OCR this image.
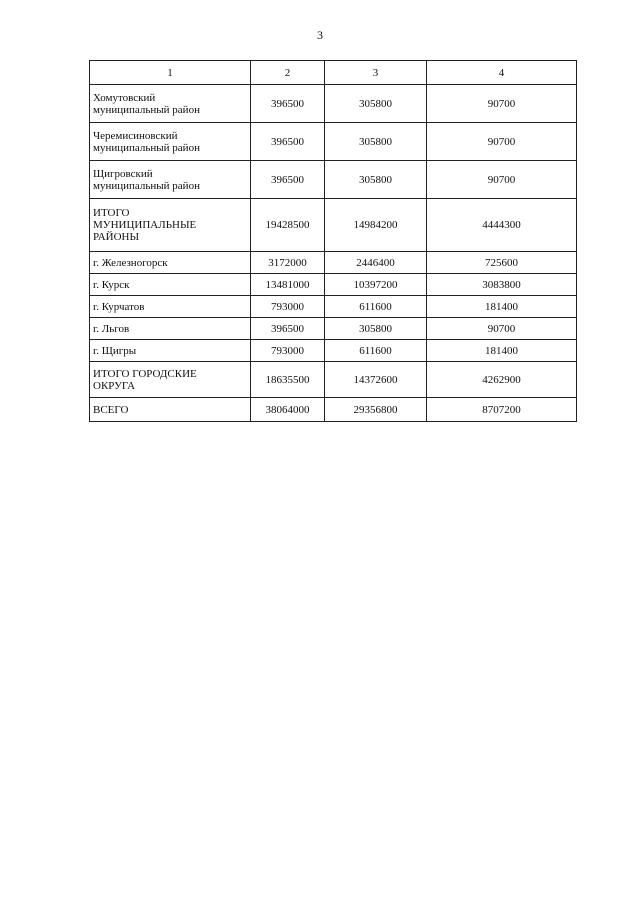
3
1	2	3	4
Хомутовский
муниципальный район	396500	305800	90700
Черемисиновский
муниципальный район	396500	305800	90700
Щигровский
муниципальный район	396500	305800	90700
ИТОГО
МУНИЦИПАЛЬНЫЕ
РАЙОНЫ	19428500	14984200	4444300
г. Железногорск	3172000	2446400	725600
г. Курск	13481000	10397200	3083800
г. Курчатов	793000	611600	181400
г. Льгов	396500	305800	90700
г. Щигры	793000	611600	181400
ИТОГО ГОРОДСКИЕ
ОКРУГА	18635500	14372600	4262900
ВСЕГО	38064000	29356800	8707200
